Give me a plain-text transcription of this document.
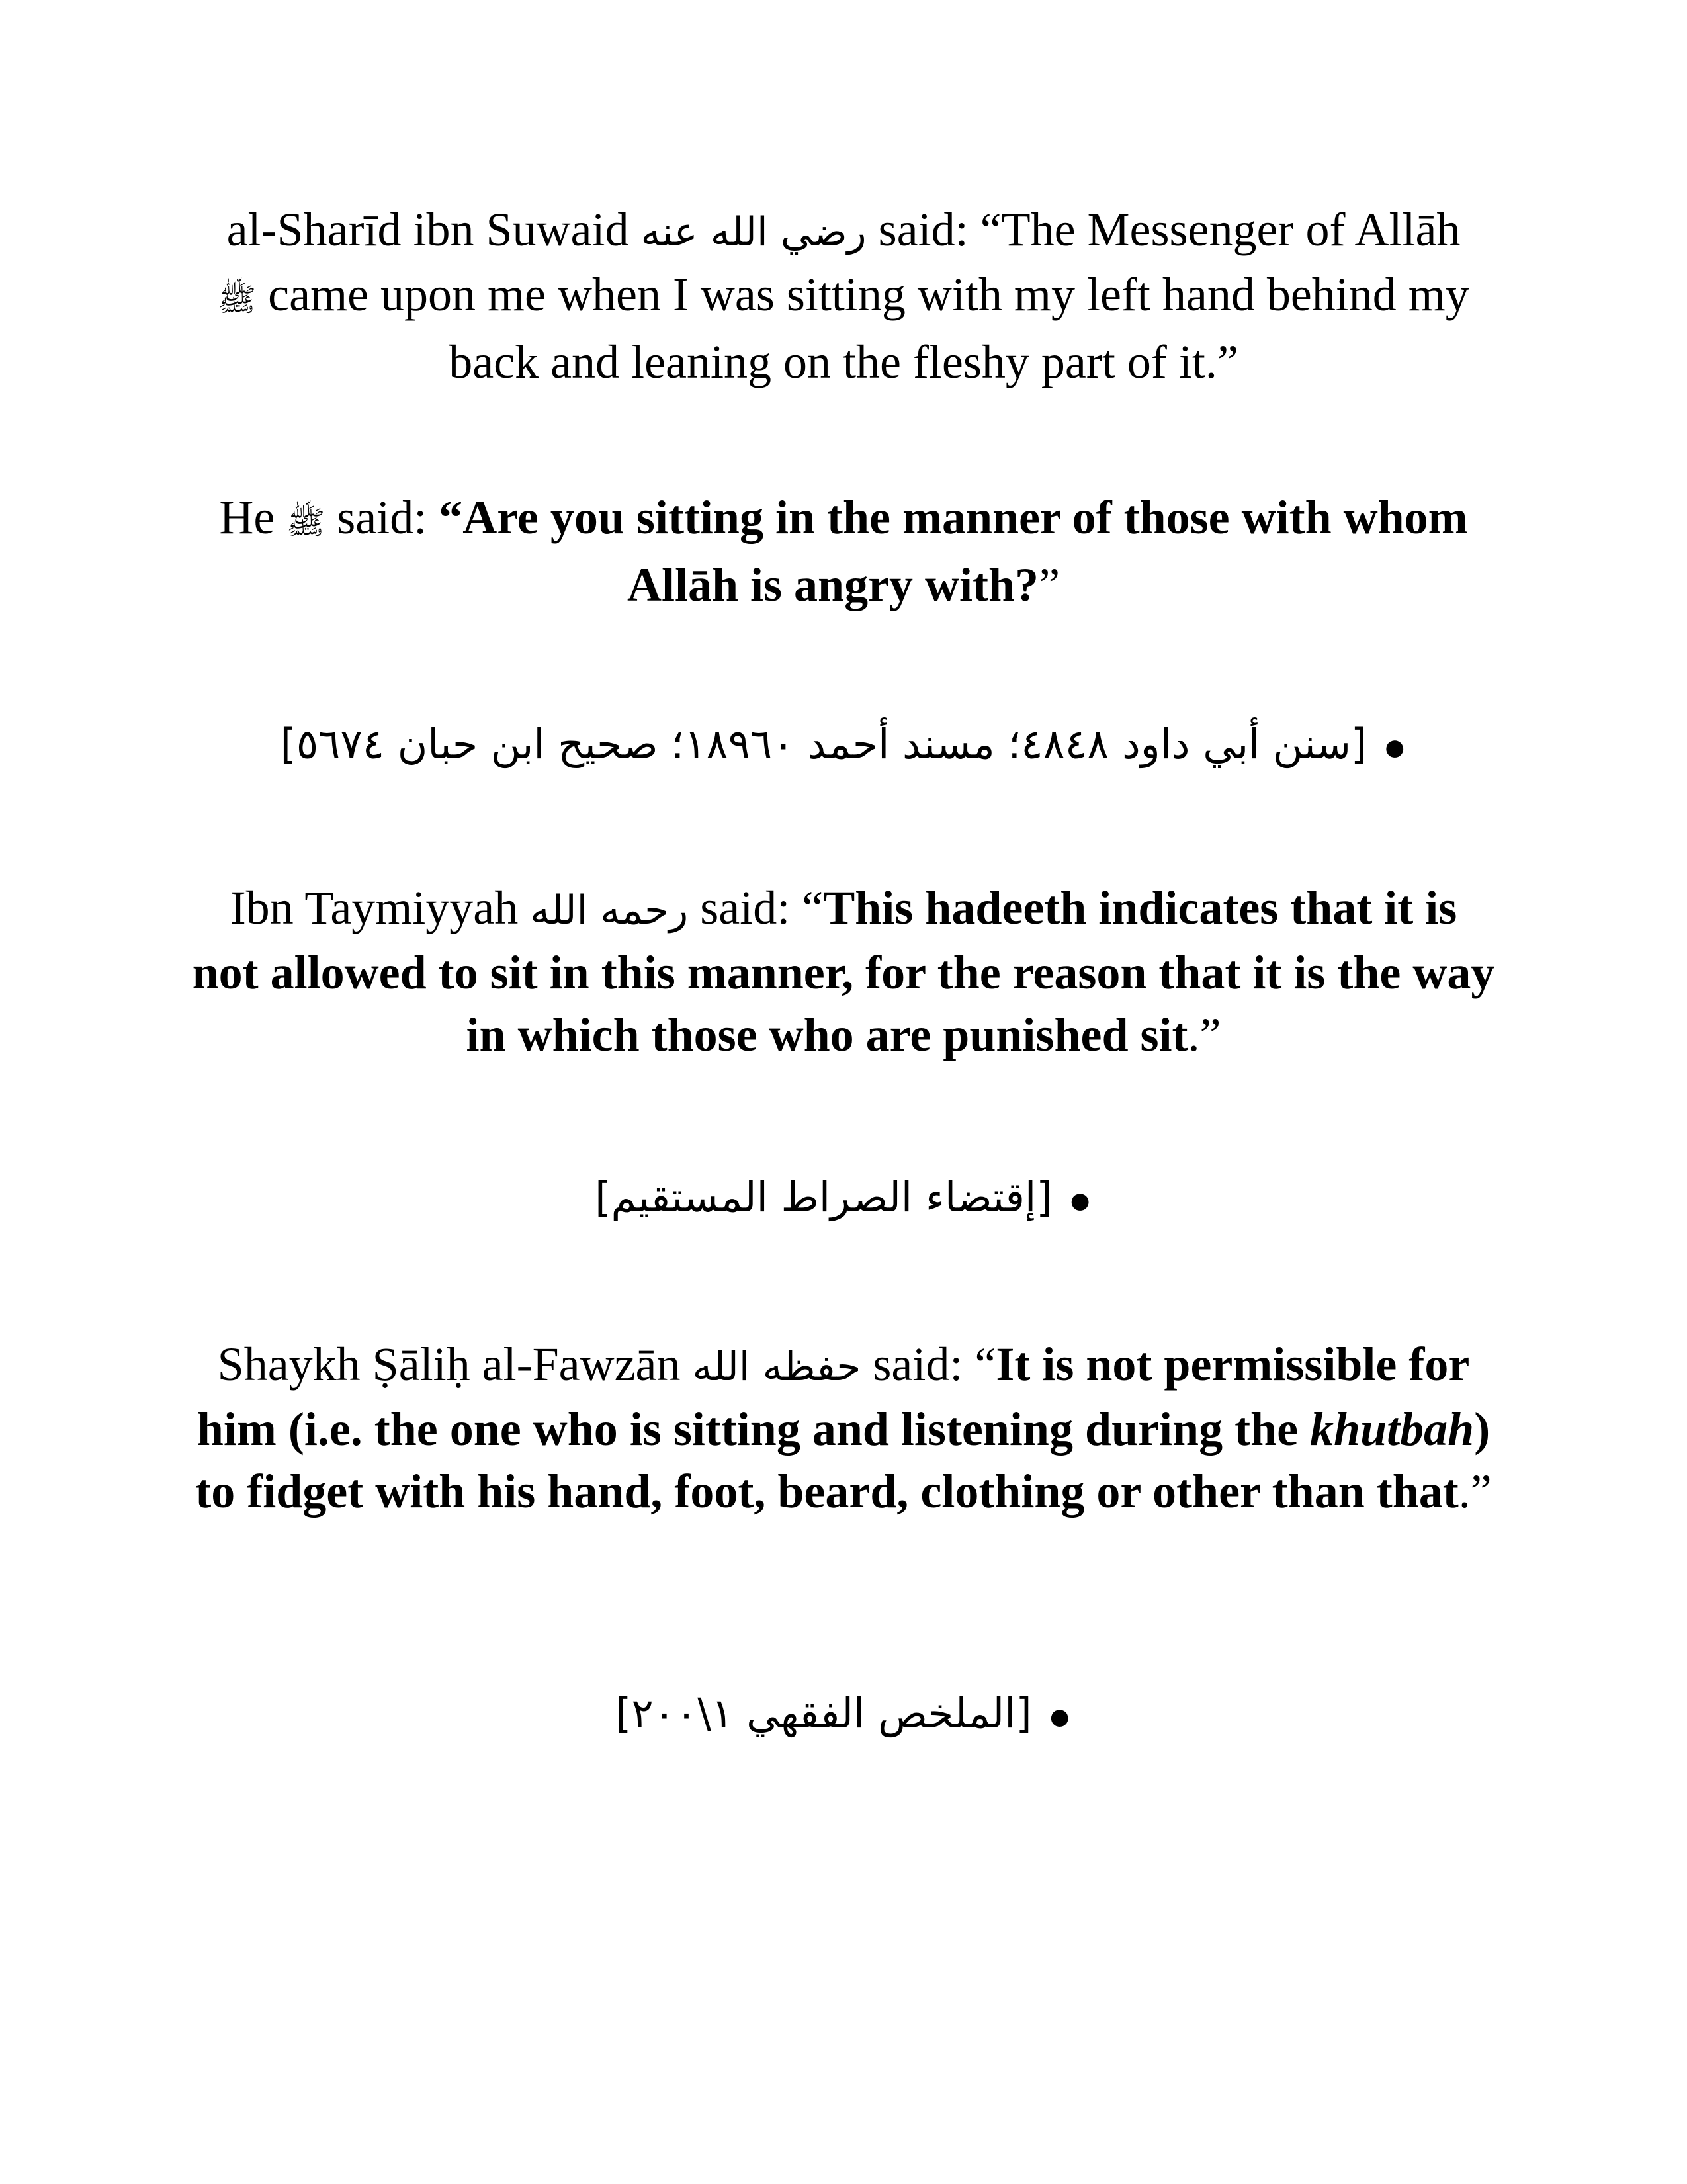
al-Sharīd ibn Suwaid رضي الله عنه said: “The Messenger of Allāh
ﷺ came upon me when I was sitting with my left hand behind my back and leaning on the fleshy part of it.”

He ﷺ said: “Are you sitting in the manner of those with whom Allāh is angry with?”

[سنن أبي داود ٤٨٤٨؛ مسند أحمد ١٨٩٦٠؛ صحيح ابن حبان ٥٦٧٤] ●

Ibn Taymiyyah رحمه الله said: “This hadeeth indicates that it is not allowed to sit in this manner, for the reason that it is the way in which those who are punished sit.”

[إقتضاء الصراط المستقيم] ●

Shaykh Ṣāliḥ al-Fawzān حفظه الله said: “It is not permissible for him (i.e. the one who is sitting and listening during the khutbah) to fidget with his hand, foot, beard, clothing or other than that.”

[الملخص الفقهي ١\٢٠٠] ●
